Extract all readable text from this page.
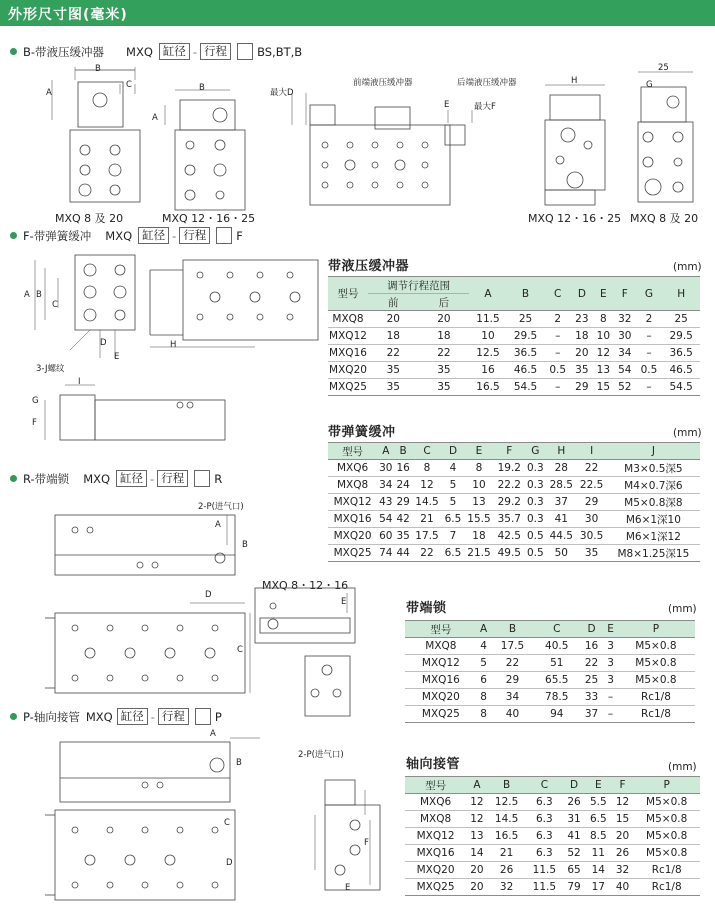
外形尺寸图(毫米)
B-带液压缓冲器 MXQ 缸径 - 行程	BS,BT,B
B
C
A	B
A
MXQ 8 及 20	MXQ 12・16・25
前端液压缓冲器	后端液压缓冲器
最大D
E	最大F
H
25
G
MXQ 12・16・25 MXQ 8 及 20
F-带弹簧缓冲 MXQ 缸径 - 行程	F
A B
C
D
E
3-J螺纹
H
I
G
F
R-带端锁 MXQ 缸径 - 行程	R
2-P(进气口)
A
B
D
C
MXQ 8・12・16
E
P-轴向接管 MXQ 缸径 - 行程	P
A
B
C
D
2-P(进气口)
F
E
带液压缓冲器	(mm)
型号	调节行程范围		A	B	C	D	E	F	G	H
	前	后								
MXQ8	20	20	11.5	25	2	23	8	32	2	25
MXQ12	18	18	10	29.5	–	18	10	30	–	29.5
MXQ16	22	22	12.5	36.5	–	20	12	34	–	36.5
MXQ20	35	35	16	46.5	0.5	35	13	54	0.5	46.5
MXQ25	35	35	16.5	54.5	–	29	15	52	–	54.5
带弹簧缓冲	(mm)
型号	A	B	C	D	E	F	G	H	I	J
MXQ6	30	16	8	4	8	19.2	0.3	28	22	M3×0.5深5
MXQ8	34	24	12	5	10	22.2	0.3	28.5	22.5	M4×0.7深6
MXQ12	43	29	14.5	5	13	29.2	0.3	37	29	M5×0.8深8
MXQ16	54	42	21	6.5	15.5	35.7	0.3	41	30	M6×1深10
MXQ20	60	35	17.5	7	18	42.5	0.5	44.5	30.5	M6×1深12
MXQ25	74	44	22	6.5	21.5	49.5	0.5	50	35	M8×1.25深15
带端锁	(mm)
型号	A	B	C	D	E	P
MXQ8	4	17.5	40.5	16	3	M5×0.8
MXQ12	5	22	51	22	3	M5×0.8
MXQ16	6	29	65.5	25	3	M5×0.8
MXQ20	8	34	78.5	33	–	Rc1/8
MXQ25	8	40	94	37	–	Rc1/8
轴向接管	(mm)
型号	A	B	C	D	E	F	P
MXQ6	12	12.5	6.3	26	5.5	12	M5×0.8
MXQ8	12	14.5	6.3	31	6.5	15	M5×0.8
MXQ12	13	16.5	6.3	41	8.5	20	M5×0.8
MXQ16	14	21	6.3	52	11	26	M5×0.8
MXQ20	20	26	11.5	65	14	32	Rc1/8
MXQ25	20	32	11.5	79	17	40	Rc1/8
